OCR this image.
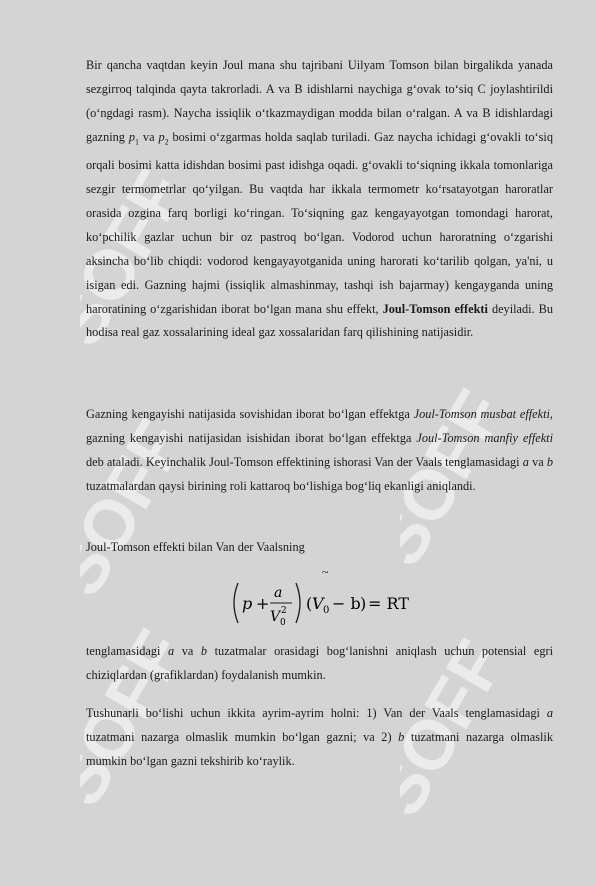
SOFF
SOFF
SOFF
SOFF
SOFF
Bir qancha vaqtdan keyin Joul mana shu tajribani Uilyam Tomson bilan birgalikda yanada sezgirroq talqinda qayta takrorladi. A va B idishlarni naychiga g‘ovak to‘siq C joylashtirildi (o‘ngdagi rasm). Naycha issiqlik o‘tkazmaydigan modda bilan o‘ralgan. A va B idishlardagi gazning $p_1$ va $p_2$ bosimi o‘zgarmas holda saqlab turiladi. Gaz naycha ichidagi g‘ovakli to‘siq orqali bosimi katta idishdan bosimi past idishga oqadi. g‘ovakli to‘siqning ikkala tomonlariga sezgir termometrlar qo‘yilgan. Bu vaqtda har ikkala termometr ko‘rsatayotgan haroratlar orasida ozgina farq borligi ko‘ringan. To‘siqning gaz kengayayotgan tomondagi harorat, ko‘pchilik gazlar uchun bir oz pastroq bo‘lgan. Vodorod uchun haroratning o‘zgarishi aksincha bo‘lib chiqdi: vodorod kengayayotganida uning harorati ko‘tarilib qolgan, ya'ni, u isigan edi. Gazning hajmi (issiqlik almashinmay, tashqi ish bajarmay) kengayganda uning haroratining o‘zgarishidan iborat bo‘lgan mana shu effekt, Joul-Tomson effekti deyiladi. Bu hodisa real gaz xossalarining ideal gaz xossalaridan farq qilishining natijasidir.
Gazning kengayishi natijasida sovishidan iborat bo‘lgan effektga Joul-Tomson musbat effekti, gazning kengayishi natijasidan isishidan iborat bo‘lgan effektga Joul-Tomson manfiy effekti deb ataladi. Keyinchalik Joul-Tomson effektining ishorasi Van der Vaals tenglamasidagi a va b tuzatmalardan qaysi birining roli kattaroq bo‘lishiga bog‘liq ekanligi aniqlandi.
Joul-Tomson effekti bilan Van der Vaalsning
~
p +
a
V 0
2 ( V 0 − b ) = RT
tenglamasidagi a va b tuzatmalar orasidagi bog‘lanishni aniqlash uchun potensial egri chiziqlardan (grafiklardan) foydalanish mumkin.
Tushunarli bo‘lishi uchun ikkita ayrim-ayrim holni: 1) Van der Vaals tenglamasidagi a tuzatmani nazarga olmaslik mumkin bo‘lgan gazni; va 2) b tuzatmani nazarga olmaslik mumkin bo‘lgan gazni tekshirib ko‘raylik.
